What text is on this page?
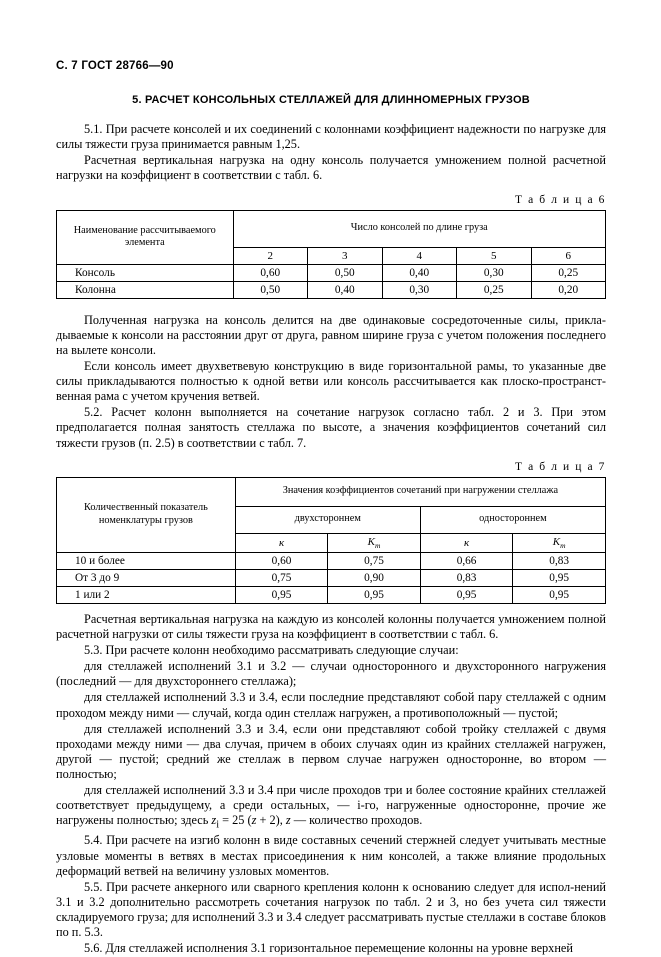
С. 7 ГОСТ 28766—90
5. РАСЧЕТ КОНСОЛЬНЫХ СТЕЛЛАЖЕЙ ДЛЯ ДЛИННОМЕРНЫХ ГРУЗОВ

5.1. При расчете консолей и их соединений с колоннами коэффициент надежности по нагрузке для силы тяжести груза принимается равным 1,25.

Расчетная вертикальная нагрузка на одну консоль получается умножением полной расчетной нагрузки на коэффициент в соответствии с табл. 6.

Т а б л и ц а 6
Наименование рассчитываемого элемента	Число консолей по длине груза				
	2	3	4	5	6
Консоль	0,60	0,50	0,40	0,30	0,25
Колонна	0,50	0,40	0,30	0,25	0,20

Полученная нагрузка на консоль делится на две одинаковые сосредоточенные силы, прикла-дываемые к консоли на расстоянии друг от друга, равном ширине груза с учетом положения последнего на вылете консоли.

Если консоль имеет двухветвевую конструкцию в виде горизонтальной рамы, то указанные две силы прикладываются полностью к одной ветви или консоль рассчитывается как плоско-пространст-венная рама с учетом кручения ветвей.

5.2. Расчет колонн выполняется на сочетание нагрузок согласно табл. 2 и 3. При этом предполагается полная занятость стеллажа по высоте, а значения коэффициентов сочетаний сил тяжести грузов (п. 2.5) в соответствии с табл. 7.

Т а б л и ц а 7
Количественный показатель номенклатуры грузов	Значения коэффициентов сочетаний при нагружении стеллажа			
	двухстороннем		одностороннем	
	к	$K_т$	к	$K_т$
10 и более	0,60	0,75	0,66	0,83
От 3 до 9	0,75	0,90	0,83	0,95
1 или 2	0,95	0,95	0,95	0,95

Расчетная вертикальная нагрузка на каждую из консолей колонны получается умножением полной расчетной нагрузки от силы тяжести груза на коэффициент в соответствии с табл. 6.

5.3. При расчете колонн необходимо рассматривать следующие случаи:

для стеллажей исполнений 3.1 и 3.2 — случаи односторонного и двухсторонного нагружения (последний — для двухстороннего стеллажа);

для стеллажей исполнений 3.3 и 3.4, если последние представляют собой пару стеллажей с одним проходом между ними — случай, когда один стеллаж нагружен, а противоположный — пустой;

для стеллажей исполнений 3.3 и 3.4, если они представляют собой тройку стеллажей с двумя проходами между ними — два случая, причем в обоих случаях один из крайних стеллажей нагружен, другой — пустой; средний же стеллаж в первом случае нагружен односторонне, во втором — полностью;

для стеллажей исполнений 3.3 и 3.4 при числе проходов три и более состояние крайних стеллажей соответствует предыдущему, а среди остальных, — i-го, нагруженные односторонне, прочие же нагружены полностью; здесь $z_i = 25$ (z + 2), z — количество проходов.

5.4. При расчете на изгиб колонн в виде составных сечений стержней следует учитывать местные узловые моменты в ветвях в местах присоединения к ним консолей, а также влияние продольных деформаций ветвей на величину узловых моментов.

5.5. При расчете анкерного или сварного крепления колонн к основанию следует для испол-нений 3.1 и 3.2 дополнительно рассмотреть сочетания нагрузок по табл. 2 и 3, но без учета сил тяжести складируемого груза; для исполнений 3.3 и 3.4 следует рассматривать пустые стеллажи в составе блоков по п. 5.3.

5.6. Для стеллажей исполнения 3.1 горизонтальное перемещение колонны на уровне верхней
